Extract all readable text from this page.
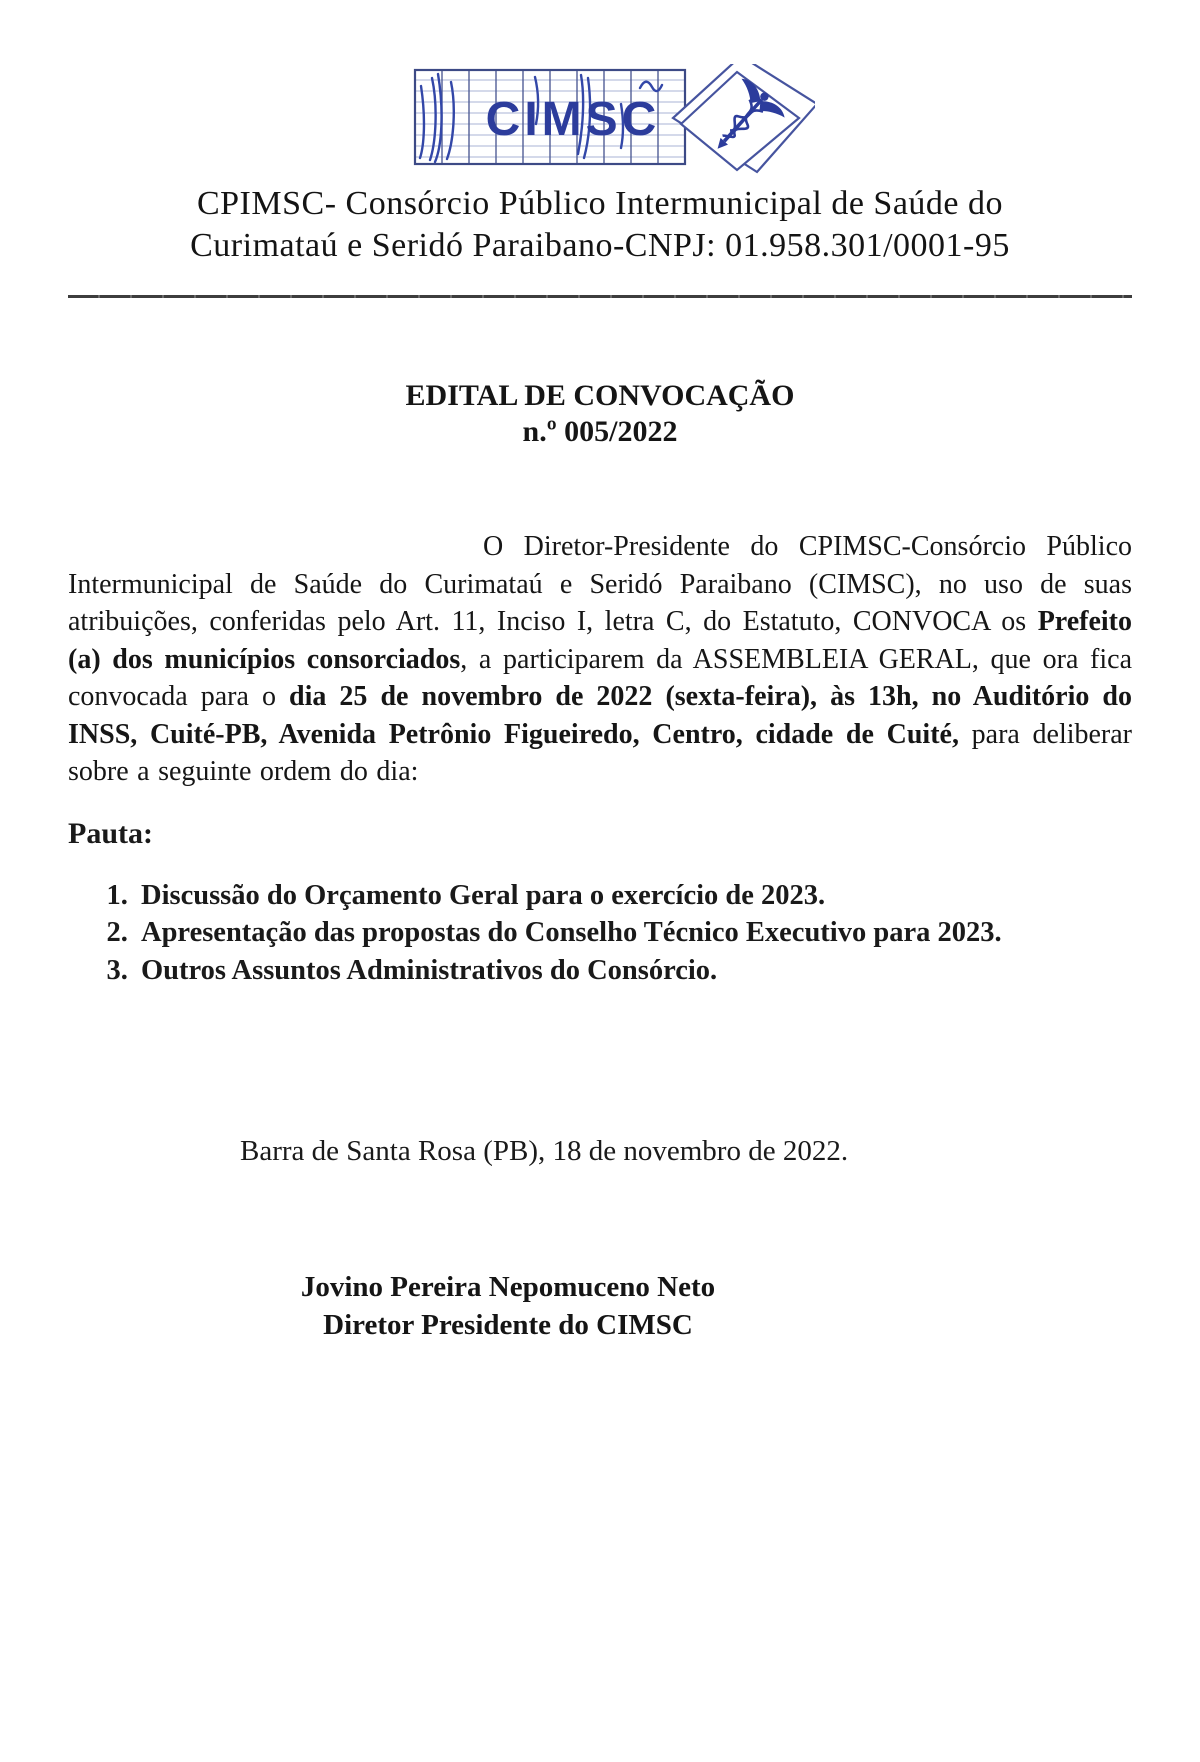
CIMSC
CPIMSC- Consórcio Público Intermunicipal de Saúde do
Curimataú e Seridó Paraibano-CNPJ: 01.958.301/0001-95
EDITAL DE CONVOCAÇÃO
n.º 005/2022

O Diretor-Presidente do CPIMSC-Consórcio Público Intermunicipal de Saúde do Curimataú e Seridó Paraibano (CIMSC), no uso de suas atribuições, conferidas pelo Art. 11, Inciso I, letra C, do Estatuto, CONVOCA os Prefeito (a) dos municípios consorciados, a participarem da ASSEMBLEIA GERAL, que ora fica convocada para o dia 25 de novembro de 2022 (sexta-feira), às 13h, no Auditório do INSS, Cuité-PB, Avenida Petrônio Figueiredo, Centro, cidade de Cuité, para deliberar sobre a seguinte ordem do dia:

Pauta:

1. Discussão do Orçamento Geral para o exercício de 2023.
2. Apresentação das propostas do Conselho Técnico Executivo para 2023.
3. Outros Assuntos Administrativos do Consórcio.

Barra de Santa Rosa (PB), 18 de novembro de 2022.

Jovino Pereira Nepomuceno Neto
Diretor Presidente do CIMSC
